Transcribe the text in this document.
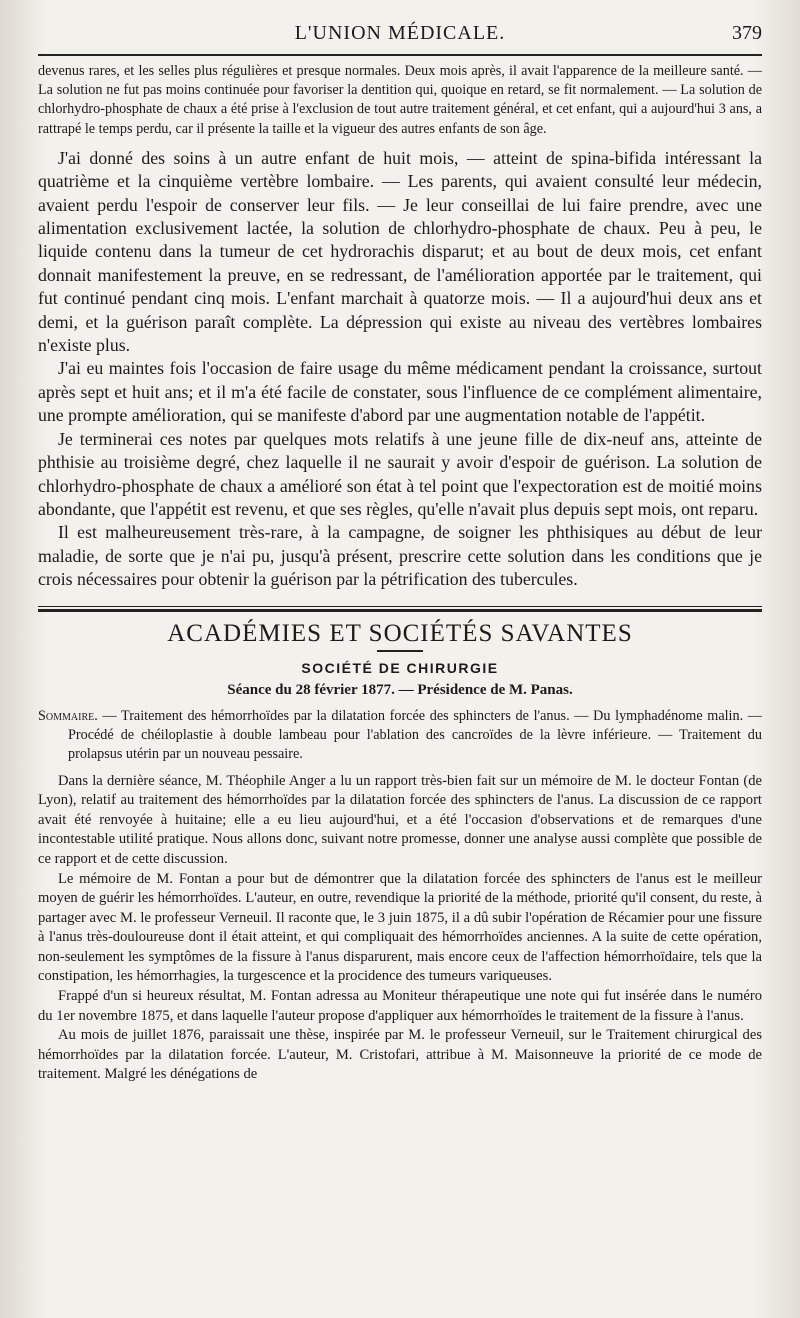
L'UNION MÉDICALE.	379

devenus rares, et les selles plus régulières et presque normales. Deux mois après, il avait l'apparence de la meilleure santé. — La solution ne fut pas moins continuée pour favoriser la dentition qui, quoique en retard, se fit normalement. — La solution de chlorhydro-phosphate de chaux a été prise à l'exclusion de tout autre traitement général, et cet enfant, qui a aujourd'hui 3 ans, a rattrapé le temps perdu, car il présente la taille et la vigueur des autres enfants de son âge.

J'ai donné des soins à un autre enfant de huit mois, — atteint de spina-bifida intéressant la quatrième et la cinquième vertèbre lombaire. — Les parents, qui avaient consulté leur médecin, avaient perdu l'espoir de conserver leur fils. — Je leur conseillai de lui faire prendre, avec une alimentation exclusivement lactée, la solution de chlorhydro-phosphate de chaux. Peu à peu, le liquide contenu dans la tumeur de cet hydrorachis disparut; et au bout de deux mois, cet enfant donnait manifestement la preuve, en se redressant, de l'amélioration apportée par le traitement, qui fut continué pendant cinq mois. L'enfant marchait à quatorze mois. — Il a aujourd'hui deux ans et demi, et la guérison paraît complète. La dépression qui existe au niveau des vertèbres lombaires n'existe plus.

J'ai eu maintes fois l'occasion de faire usage du même médicament pendant la croissance, surtout après sept et huit ans; et il m'a été facile de constater, sous l'influence de ce complément alimentaire, une prompte amélioration, qui se manifeste d'abord par une augmentation notable de l'appétit.

Je terminerai ces notes par quelques mots relatifs à une jeune fille de dix-neuf ans, atteinte de phthisie au troisième degré, chez laquelle il ne saurait y avoir d'espoir de guérison. La solution de chlorhydro-phosphate de chaux a amélioré son état à tel point que l'expectoration est de moitié moins abondante, que l'appétit est revenu, et que ses règles, qu'elle n'avait plus depuis sept mois, ont reparu.

Il est malheureusement très-rare, à la campagne, de soigner les phthisiques au début de leur maladie, de sorte que je n'ai pu, jusqu'à présent, prescrire cette solution dans les conditions que je crois nécessaires pour obtenir la guérison par la pétrification des tubercules.

ACADÉMIES ET SOCIÉTÉS SAVANTES
SOCIÉTÉ DE CHIRURGIE
Séance du 28 février 1877. — Présidence de M. Panas.

Sommaire. — Traitement des hémorrhoïdes par la dilatation forcée des sphincters de l'anus. — Du lymphadénome malin. — Procédé de chéiloplastie à double lambeau pour l'ablation des cancroïdes de la lèvre inférieure. — Traitement du prolapsus utérin par un nouveau pessaire.

Dans la dernière séance, M. Théophile Anger a lu un rapport très-bien fait sur un mémoire de M. le docteur Fontan (de Lyon), relatif au traitement des hémorrhoïdes par la dilatation forcée des sphincters de l'anus. La discussion de ce rapport avait été renvoyée à huitaine; elle a eu lieu aujourd'hui, et a été l'occasion d'observations et de remarques d'une incontestable utilité pratique. Nous allons donc, suivant notre promesse, donner une analyse aussi complète que possible de ce rapport et de cette discussion.

Le mémoire de M. Fontan a pour but de démontrer que la dilatation forcée des sphincters de l'anus est le meilleur moyen de guérir les hémorrhoïdes. L'auteur, en outre, revendique la priorité de la méthode, priorité qu'il consent, du reste, à partager avec M. le professeur Verneuil. Il raconte que, le 3 juin 1875, il a dû subir l'opération de Récamier pour une fissure à l'anus très-douloureuse dont il était atteint, et qui compliquait des hémorrhoïdes anciennes. A la suite de cette opération, non-seulement les symptômes de la fissure à l'anus disparurent, mais encore ceux de l'affection hémorrhoïdaire, tels que la constipation, les hémorrhagies, la turgescence et la procidence des tumeurs variqueuses.

Frappé d'un si heureux résultat, M. Fontan adressa au Moniteur thérapeutique une note qui fut insérée dans le numéro du 1er novembre 1875, et dans laquelle l'auteur propose d'appliquer aux hémorrhoïdes le traitement de la fissure à l'anus.

Au mois de juillet 1876, paraissait une thèse, inspirée par M. le professeur Verneuil, sur le Traitement chirurgical des hémorrhoïdes par la dilatation forcée. L'auteur, M. Cristofari, attribue à M. Maisonneuve la priorité de ce mode de traitement. Malgré les dénégations de
